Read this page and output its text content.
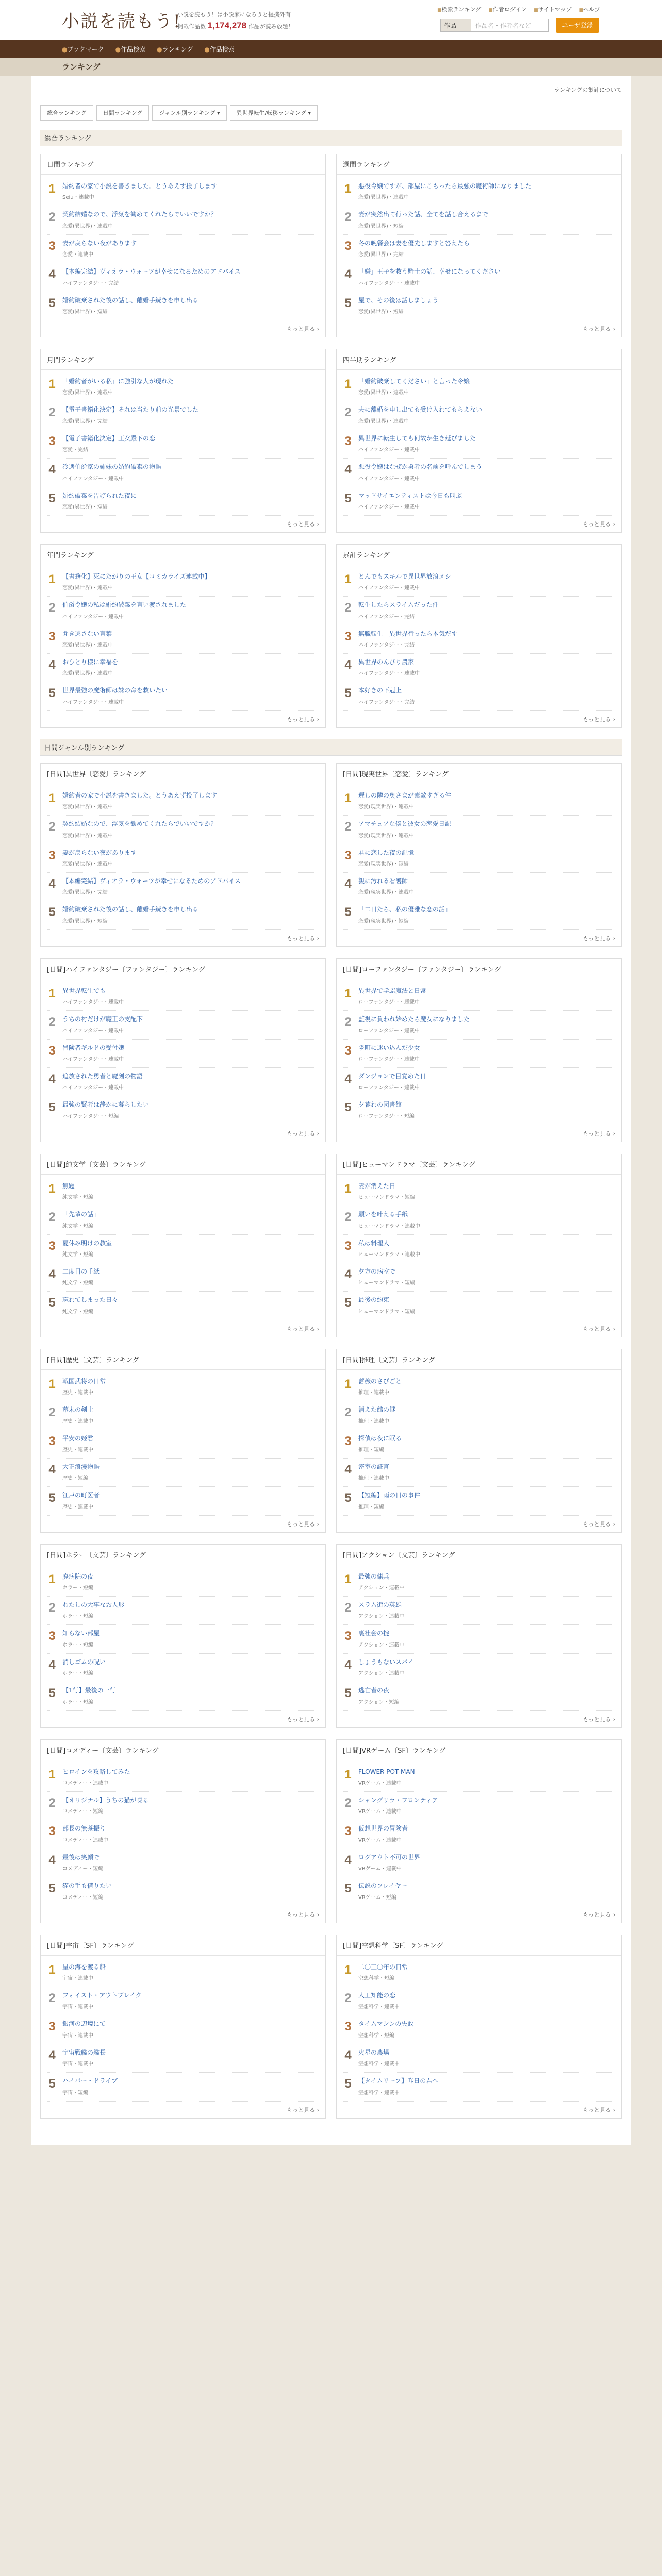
小説を読もう!
小説を読もう！は小説家になろうと提携外有
掲載作品数 1,174,278 作品が読み放題！
■ 検索ランキング	■ 作者ログイン	■ サイトマップ	■ ヘルプ
作品	作品名・作者名など	ユーザ登録
● ブックマーク	● 作品検索	● ランキング	● 作品検索
ランキング
ランキングの集計について
総合ランキング	日間ランキング	ジャンル別ランキング ▾	異世界転生/転移ランキング ▾
総合ランキング
日間ランキング
1 婚約者の家で小説を書きました。とうあえず投了します
Seiu・連載中
2 契約結婚なので、浮気を勧めてくれたらでいいですか？
恋愛(異世界)・連載中
3 妻が戻らない夜があります
恋愛・連載中
4 【本編完結】ヴィオラ・ウォーツが幸せになるためのアドバイス
ハイファンタジー・完結
5 婚約破棄された後の話し、離婚手続きを申し出る
恋愛(異世界)・短編
もっと見る ›
週間ランキング
1 悪役令嬢ですが、部屋にこもったら最強の魔術師になりました
恋愛(異世界)・連載中
2 妻が突然出て行った話、全てを話し合えるまで
恋愛(異世界)・短編
3 冬の晩餐会は妻を優先しますと答えたら
恋愛(異世界)・完結
4 「嫌」王子を救う騎士の話、幸せになってください
ハイファンタジー・連載中
5 屋で、その後は話しましょう
恋愛(異世界)・短編
もっと見る ›
月間ランキング
1 「婚約者がいる私」に強引な人が現れた
恋愛(異世界)・連載中
2 【電子書籍化決定】それは当たり前の光景でした
恋愛(異世界)・完結
3 【電子書籍化決定】王女殿下の恋
恋愛・完結
4 冷遇伯爵家の姉妹の婚約破棄の物語
ハイファンタジー・連載中
5 婚約破棄を告げられた夜に
恋愛(異世界)・短編
もっと見る ›
四半期ランキング
1 「婚約破棄してください」と言った令嬢
恋愛(異世界)・連載中
2 夫に離婚を申し出ても受け入れてもらえない
恋愛(異世界)・連載中
3 異世界に転生しても何故か生き延びました
ハイファンタジー・連載中
4 悪役令嬢はなぜか勇者の名前を呼んでしまう
ハイファンタジー・連載中
5 マッドサイエンティストは今日も叫ぶ
ハイファンタジー・連載中
もっと見る ›
年間ランキング
1 【書籍化】死にたがりの王女【コミカライズ連載中】
恋愛(異世界)・連載中
2 伯爵令嬢の私は婚約破棄を言い渡されました
ハイファンタジー・連載中
3 聞き逃さない言葉
恋愛(異世界)・連載中
4 おひとり様に幸福を
恋愛(異世界)・連載中
5 世界最強の魔術師は妹の命を救いたい
ハイファンタジー・連載中
もっと見る ›
累計ランキング
1 とんでもスキルで異世界放浪メシ
ハイファンタジー・連載中
2 転生したらスライムだった件
ハイファンタジー・完結
3 無職転生 - 異世界行ったら本気だす -
ハイファンタジー・完結
4 異世界のんびり農家
ハイファンタジー・連載中
5 本好きの下剋上
ハイファンタジー・完結
もっと見る ›
日間ジャンル別ランキング
[日間]異世界〔恋愛〕ランキング
1 婚約者の家で小説を書きました。とうあえず投了します
恋愛(異世界)・連載中
2 契約結婚なので、浮気を勧めてくれたらでいいですか？
恋愛(異世界)・連載中
3 妻が戻らない夜があります
恋愛(異世界)・連載中
4 【本編完結】ヴィオラ・ウォーツが幸せになるためのアドバイス
恋愛(異世界)・完結
5 婚約破棄された後の話し、離婚手続きを申し出る
恋愛(異世界)・短編
もっと見る ›
[日間]現実世界〔恋愛〕ランキング
1 遅しの隣の奥さまが素敵すぎる件
恋愛(現実世界)・連載中
2 アマチュアな僕と彼女の恋愛日記
恋愛(現実世界)・連載中
3 君に恋した夜の記憶
恋愛(現実世界)・短編
4 親に汚れる看護師
恋愛(現実世界)・連載中
5 「二日たら、私の優雅な恋の話」
恋愛(現実世界)・短編
もっと見る ›
[日間]ハイファンタジー〔ファンタジー〕ランキング
1 異世界転生でも
ハイファンタジー・連載中
2 うちの村だけが魔王の支配下
ハイファンタジー・連載中
3 冒険者ギルドの受付嬢
ハイファンタジー・連載中
4 追放された勇者と魔剣の物語
ハイファンタジー・連載中
5 最強の賢者は静かに暮らしたい
ハイファンタジー・短編
もっと見る ›
[日間]ローファンタジー〔ファンタジー〕ランキング
1 異世界で学ぶ魔法と日常
ローファンタジー・連載中
2 監視に負われ始めたら魔女になりました
ローファンタジー・連載中
3 隣町に迷い込んだ少女
ローファンタジー・連載中
4 ダンジョンで目覚めた日
ローファンタジー・連載中
5 夕暮れの図書館
ローファンタジー・短編
もっと見る ›
[日間]純文学〔文芸〕ランキング
1 無題
純文学・短編
2 「先輩の話」
純文学・短編
3 夏休み明けの教室
純文学・短編
4 二度目の手紙
純文学・短編
5 忘れてしまった日々
純文学・短編
もっと見る ›
[日間]ヒューマンドラマ〔文芸〕ランキング
1 妻が消えた日
ヒューマンドラマ・短編
2 願いを叶える手紙
ヒューマンドラマ・連載中
3 私は料理人
ヒューマンドラマ・連載中
4 夕方の病室で
ヒューマンドラマ・短編
5 最後の約束
ヒューマンドラマ・短編
もっと見る ›
[日間]歴史〔文芸〕ランキング
1 戦国武将の日常
歴史・連載中
2 幕末の剣士
歴史・連載中
3 平安の姫君
歴史・連載中
4 大正浪漫物語
歴史・短編
5 江戸の町医者
歴史・連載中
もっと見る ›
[日間]推理〔文芸〕ランキング
1 薔薇のさびごと
推理・連載中
2 消えた館の謎
推理・連載中
3 探偵は夜に眠る
推理・短編
4 密室の証言
推理・連載中
5 【短編】雨の日の事件
推理・短編
もっと見る ›
[日間]ホラー〔文芸〕ランキング
1 廃病院の夜
ホラー・短編
2 わたしの大事なお人形
ホラー・短編
3 知らない部屋
ホラー・短編
4 消しゴムの呪い
ホラー・短編
5 【1行】最後の一行
ホラー・短編
もっと見る ›
[日間]アクション〔文芸〕ランキング
1 最強の傭兵
アクション・連載中
2 スラム街の英雄
アクション・連載中
3 裏社会の掟
アクション・連載中
4 しょうもないスパイ
アクション・連載中
5 逃亡者の夜
アクション・短編
もっと見る ›
[日間]コメディー〔文芸〕ランキング
1 ヒロインを攻略してみた
コメディー・連載中
2 【オリジナル】うちの猫が喋る
コメディー・短編
3 部長の無茶振り
コメディー・連載中
4 最後は笑顔で
コメディー・短編
5 猫の手も借りたい
コメディー・短編
もっと見る ›
[日間]VRゲーム〔SF〕ランキング
1 FLOWER POT MAN
VRゲーム・連載中
2 シャングリラ・フロンティア
VRゲーム・連載中
3 仮想世界の冒険者
VRゲーム・連載中
4 ログアウト不可の世界
VRゲーム・連載中
5 伝説のプレイヤー
VRゲーム・短編
もっと見る ›
[日間]宇宙〔SF〕ランキング
1 星の海を渡る船
宇宙・連載中
2 フォイスト・アウトブレイク
宇宙・連載中
3 銀河の辺境にて
宇宙・連載中
4 宇宙戦艦の艦長
宇宙・連載中
5 ハイパー・ドライブ
宇宙・短編
もっと見る ›
[日間]空想科学〔SF〕ランキング
1 二〇三〇年の日常
空想科学・短編
2 人工知能の恋
空想科学・連載中
3 タイムマシンの失敗
空想科学・短編
4 火星の農場
空想科学・連載中
5 【タイムリープ】昨日の君へ
空想科学・連載中
もっと見る ›
